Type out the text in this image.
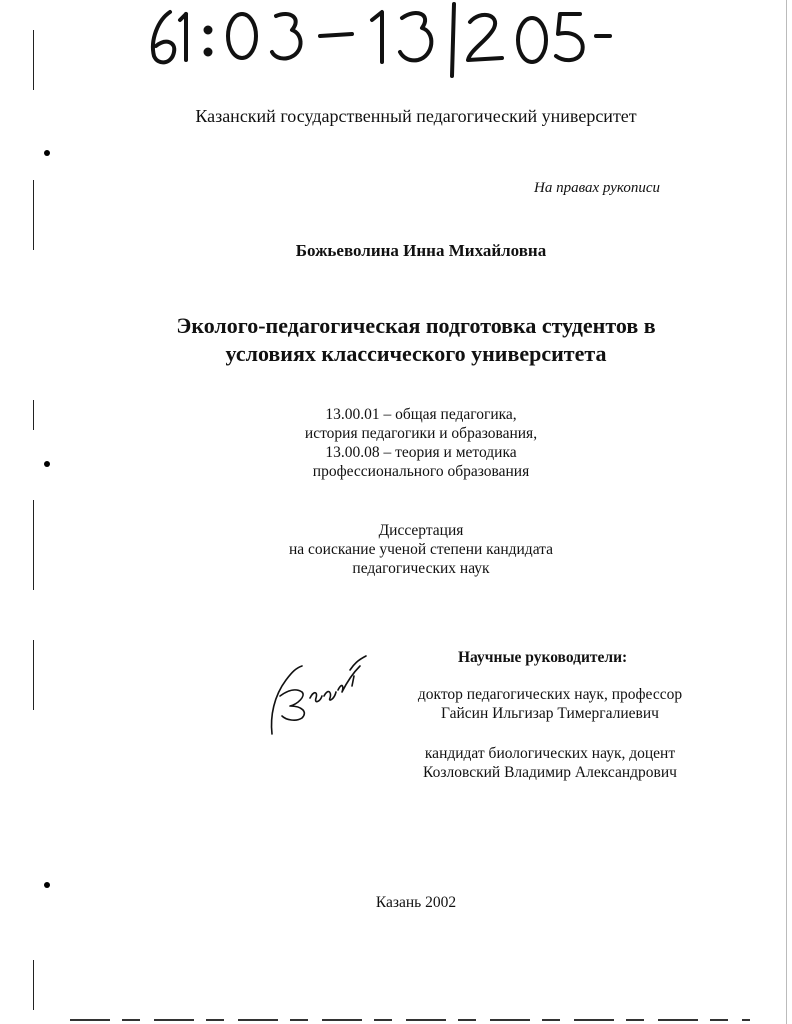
Казанский государственный педагогический университет
На правах рукописи
Божьеволина Инна Михайловна
Эколого-педагогическая подготовка студентов в
условиях классического университета
13.00.01 – общая педагогика,
история педагогики и образования,
13.00.08 – теория и методика
профессионального образования
Диссертация
на соискание ученой степени кандидата
педагогических наук
Научные руководители:
доктор педагогических наук, профессор
Гайсин Ильгизар Тимергалиевич
кандидат биологических наук, доцент
Козловский Владимир Александрович
Казань 2002
